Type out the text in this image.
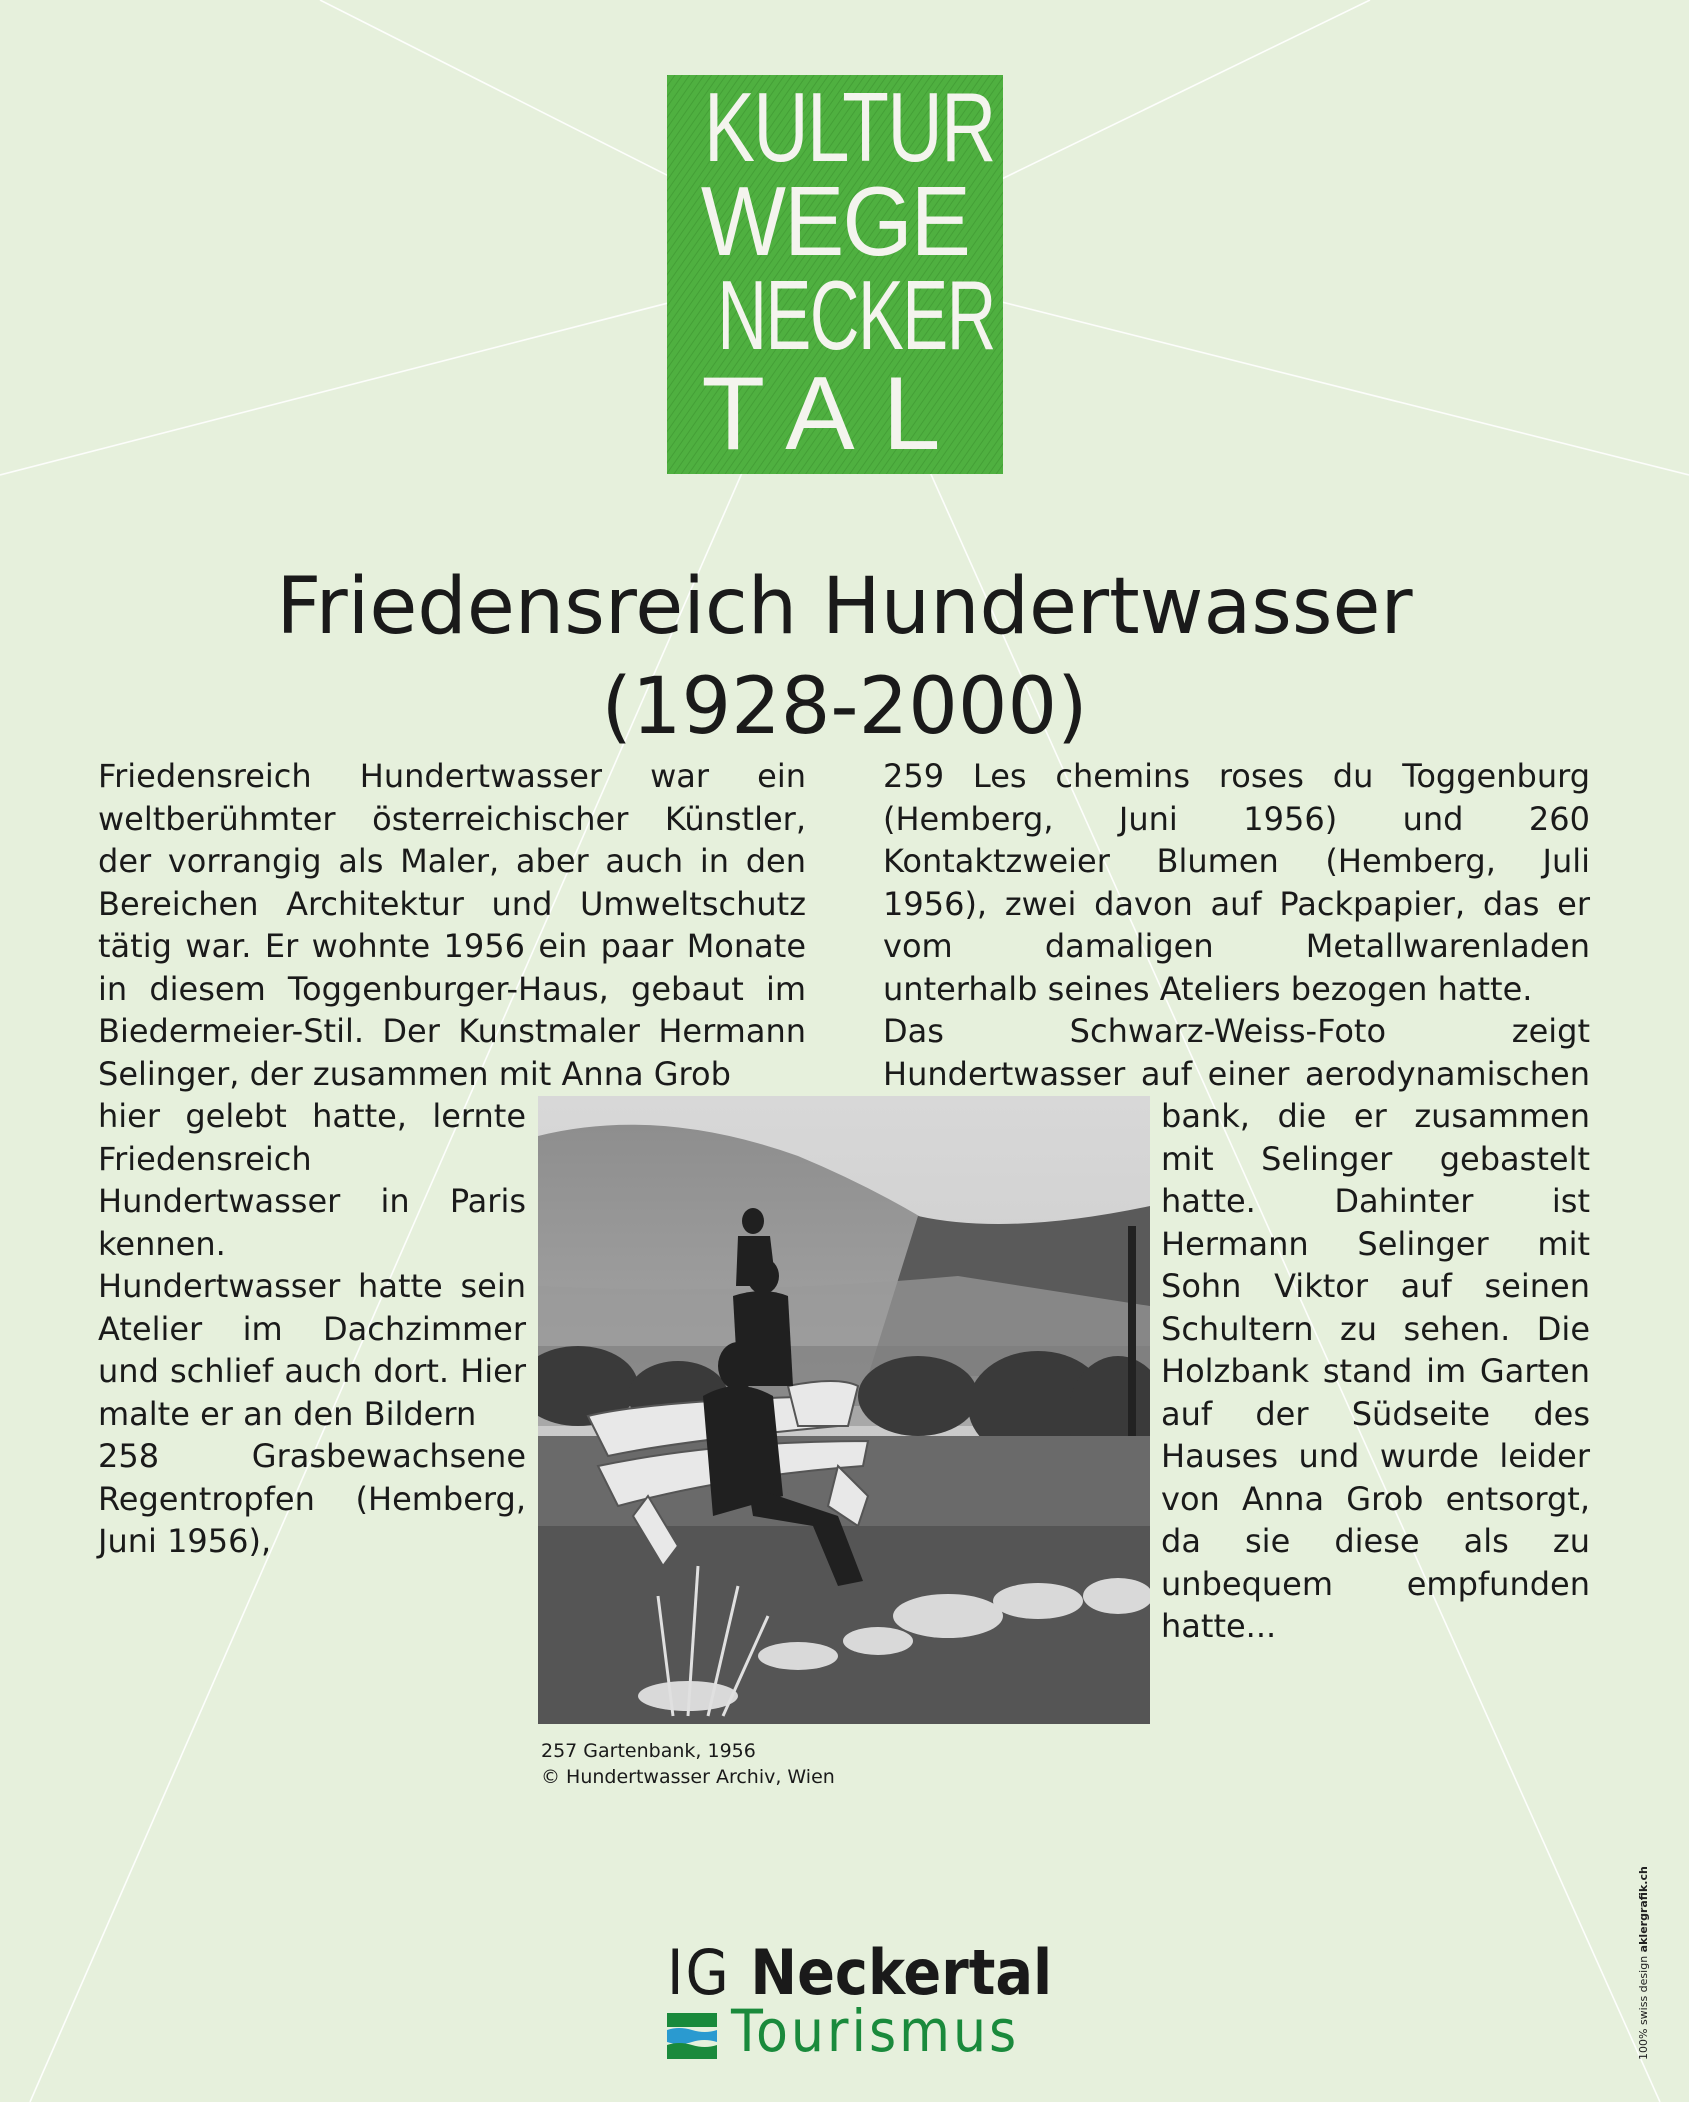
KULTUR
WEGE
NECKER
TAL
Friedensreich Hundertwasser
(1928-2000)

Friedensreich Hundertwasser war ein weltberühmter österreichischer Künstler, der vorrangig als Maler, aber auch in den Bereichen Architektur und Umweltschutz tätig war. Er wohnte 1956 ein paar Monate in diesem Toggenburger-Haus, gebaut im Biedermeier-Stil. Der Kunstmaler Hermann Selinger, der zusammen mit Anna Grob

hier gelebt hatte, lernte Friedensreich Hundertwasser in Paris kennen.

Hundertwasser hatte sein Atelier im Dachzimmer und schlief auch dort. Hier malte er an den Bildern

258 Grasbewachsene Regentropfen (Hemberg, Juni 1956),

259 Les chemins roses du Toggenburg (Hemberg, Juni 1956) und 260 Kontaktzweier Blumen (Hemberg, Juli 1956), zwei davon auf Packpapier, das er vom damaligen Metallwarenladen unterhalb seines Ateliers bezogen hatte.

Das Schwarz-Weiss-Foto zeigt Hundertwasser auf einer aerodynamischen

bank, die er zusammen mit Selinger gebastelt hatte. Dahinter ist Hermann Selinger mit Sohn Viktor auf seinen Schultern zu sehen. Die Holzbank stand im Garten auf der Südseite des Hauses und wurde leider von Anna Grob entsorgt, da sie diese als zu unbequem empfunden hatte...

257 Gartenbank, 1956
© Hundertwasser Archiv, Wien
IG Neckertal
Tourismus	100% swiss design aklergrafik.ch
